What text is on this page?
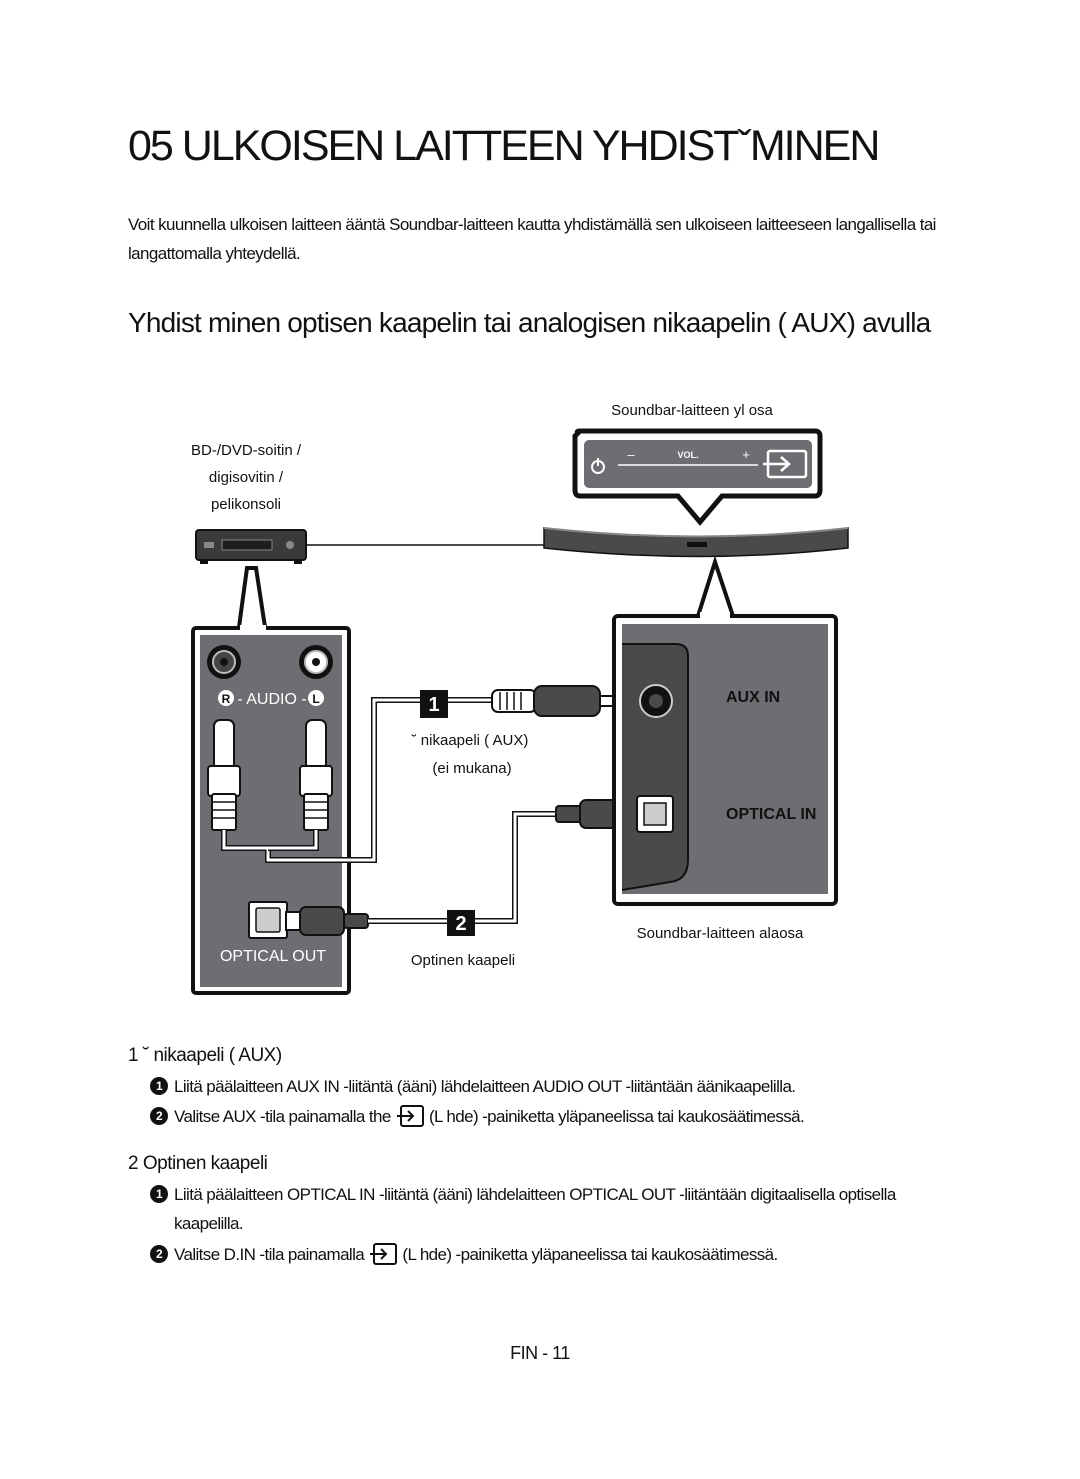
05 ULKOISEN LAITTEEN YHDISTˇMINEN
Voit kuunnella ulkoisen laitteen ääntä Soundbar-laitteen kautta yhdistämällä sen ulkoiseen laitteeseen langallisella tai langattomalla yhteydellä.
Yhdist minen optisen kaapelin tai analogisen nikaapelin ( AUX) avulla
Soundbar-laitteen yl osa
–	VOL.	+
BD-/DVD-soitin /
digisovitin /
pelikonsoli
R - AUDIO - L
OPTICAL OUT
1
2
˘ nikaapeli ( AUX)
(ei mukana)
Optinen kaapeli
AUX IN
OPTICAL IN
Soundbar-laitteen alaosa
1 ˘ nikaapeli ( AUX)
1 Liitä päälaitteen AUX IN -liitäntä (ääni) lähdelaitteen AUDIO OUT -liitäntään äänikaapelilla.
2 Valitse AUX -tila painamalla the (L hde) -painiketta yläpaneelissa tai kaukosäätimessä.
2 Optinen kaapeli
1 Liitä päälaitteen OPTICAL IN -liitäntä (ääni) lähdelaitteen OPTICAL OUT -liitäntään digitaalisella optisella kaapelilla.
2 Valitse D.IN -tila painamalla (L hde) -painiketta yläpaneelissa tai kaukosäätimessä.
FIN - 11
